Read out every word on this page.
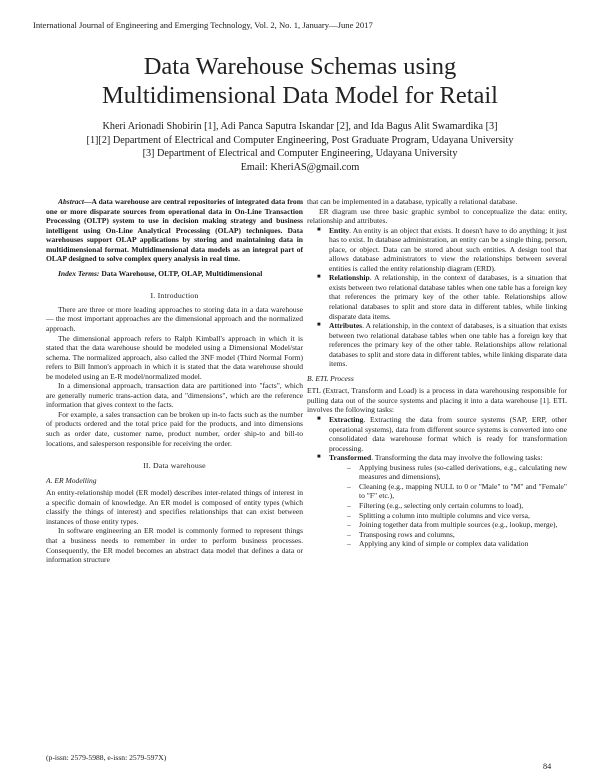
International Journal of Engineering and Emerging Technology, Vol. 2, No. 1, January—June 2017
Data Warehouse Schemas using
Multidimensional Data Model for Retail
Kheri Arionadi Shobirin [1], Adi Panca Saputra Iskandar [2], and Ida Bagus Alit Swamardika [3]
[1][2] Department of Electrical and Computer Engineering, Post Graduate Program, Udayana University
[3] Department of Electrical and Computer Engineering, Udayana University
Email: KheriAS@gmail.com

Abstract—A data warehouse are central repositories of integrated data from one or more disparate sources from operational data in On-Line Transaction Processing (OLTP) system to use in decision making strategy and business intelligent using On-Line Analytical Processing (OLAP) techniques. Data warehouses support OLAP applications by storing and maintaining data in multidimensional format. Multidimensional data models as an integral part of OLAP designed to solve complex query analysis in real time.

Index Terms: Data Warehouse, OLTP, OLAP, Multidimensional

I. Introduction

There are three or more leading approaches to storing data in a data warehouse — the most important approaches are the dimensional approach and the normalized approach.

The dimensional approach refers to Ralph Kimball's approach in which it is stated that the data warehouse should be modeled using a Dimensional Model/star schema. The normalized approach, also called the 3NF model (Third Normal Form) refers to Bill Inmon's approach in which it is stated that the data warehouse should be modeled using an E-R model/normalized model.

In a dimensional approach, transaction data are partitioned into "facts", which are generally numeric trans-action data, and "dimensions", which are the reference information that gives context to the facts.

For example, a sales transaction can be broken up in-to facts such as the number of products ordered and the total price paid for the products, and into dimensions such as order date, customer name, product number, order ship-to and bill-to locations, and salesperson responsible for receiving the order.

II. Data warehouse
A. ER Modelling

An entity-relationship model (ER model) describes inter-related things of interest in a specific domain of knowledge. An ER model is composed of entity types (which classify the things of interest) and specifies relationships that can exist between instances of those entity types.

In software engineering an ER model is commonly formed to represent things that a business needs to remember in order to perform business processes. Consequently, the ER model becomes an abstract data model that defines a data or information structure

that can be implemented in a database, typically a relational database.

ER diagram use three basic graphic symbol to conceptualize the data: entity, relationship and attributes.

■ Entity. An entity is an object that exists. It doesn't have to do anything; it just has to exist. In database administration, an entity can be a single thing, person, place, or object. Data can be stored about such entities. A design tool that allows database administrators to view the relationships between several entities is called the entity relationship diagram (ERD).
■ Relationship. A relationship, in the context of databases, is a situation that exists between two relational database tables when one table has a foreign key that references the primary key of the other table. Relationships allow relational databases to split and store data in different tables, while linking disparate data items.
■ Attributes. A relationship, in the context of databases, is a situation that exists between two relational database tables when one table has a foreign key that references the primary key of the other table. Relationships allow relational databases to split and store data in different tables, while linking disparate data items.
B. ETL Process

ETL (Extract, Transform and Load) is a process in data warehousing responsible for pulling data out of the source systems and placing it into a data warehouse [1]. ETL involves the following tasks:

■ Extracting. Extracting the data from source systems (SAP, ERP, other operational systems), data from different source systems is converted into one consolidated data warehouse format which is ready for transformation processing.
■ Transformed. Transforming the data may involve the following tasks:
– Applying business rules (so-called derivations, e.g., calculating new measures and dimensions),
– Cleaning (e.g., mapping NULL to 0 or "Male" to "M" and "Female" to "F" etc.),
– Filtering (e.g., selecting only certain columns to load),
– Splitting a column into multiple columns and vice versa,
– Joining together data from multiple sources (e.g., lookup, merge),
– Transposing rows and columns,
– Applying any kind of simple or complex data validation
(p-issn: 2579-5988, e-issn: 2579-597X)
84
